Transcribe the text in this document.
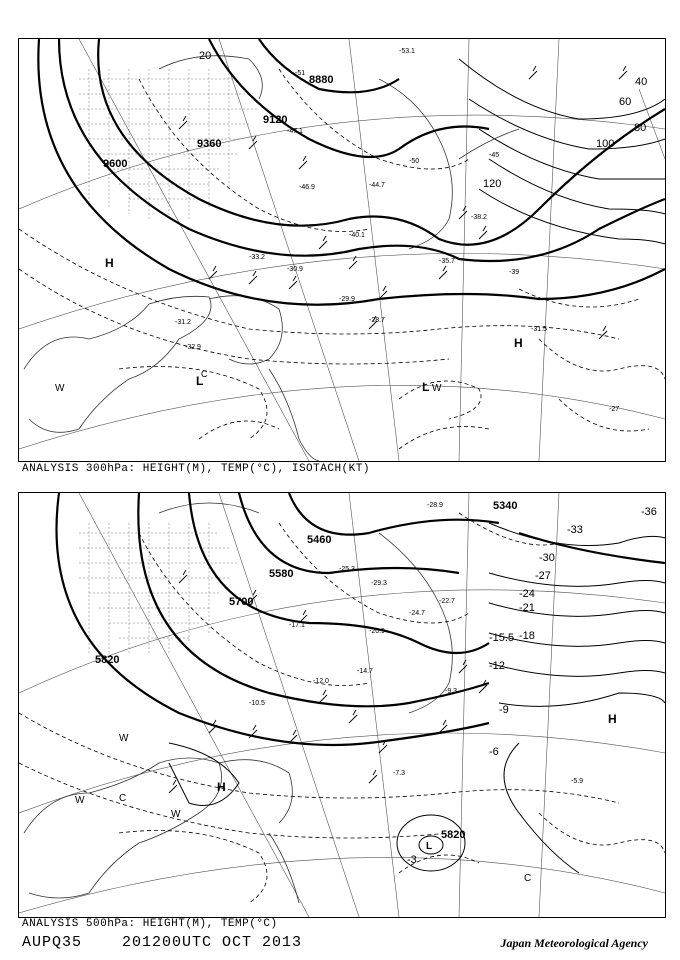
8880
9120
9360
9600
20
40
60
80
100
120
-27
-28.7
-29.9
-30.9
-31.2
-31.5
-32.9
-33.2
-35.7
-38.2
-39
-40.1
-44.7
-45
-46.9
-47.1
-50
-51
-53.1
H
H
L	L
W	W
C
ANALYSIS 300hPa: HEIGHT(M), TEMP(°C), ISOTACH(KT)
5340
5460
5580
5700
5820
5820
-3
-6
-9
-12
-15.5 -18
-21
-24
-27
-30
-33
-36
-5.9
-7.3
-9.3
-10.5
-12.0
-14.7
-17.1
-20.9
-22.7
-24.7
-25.3
-28.9
-29.3
H
H
L
W
W
W
C
C
ANALYSIS 500hPa: HEIGHT(M), TEMP(°C)
AUPQ35	201200UTC OCT 2013	Japan Meteorological Agency
